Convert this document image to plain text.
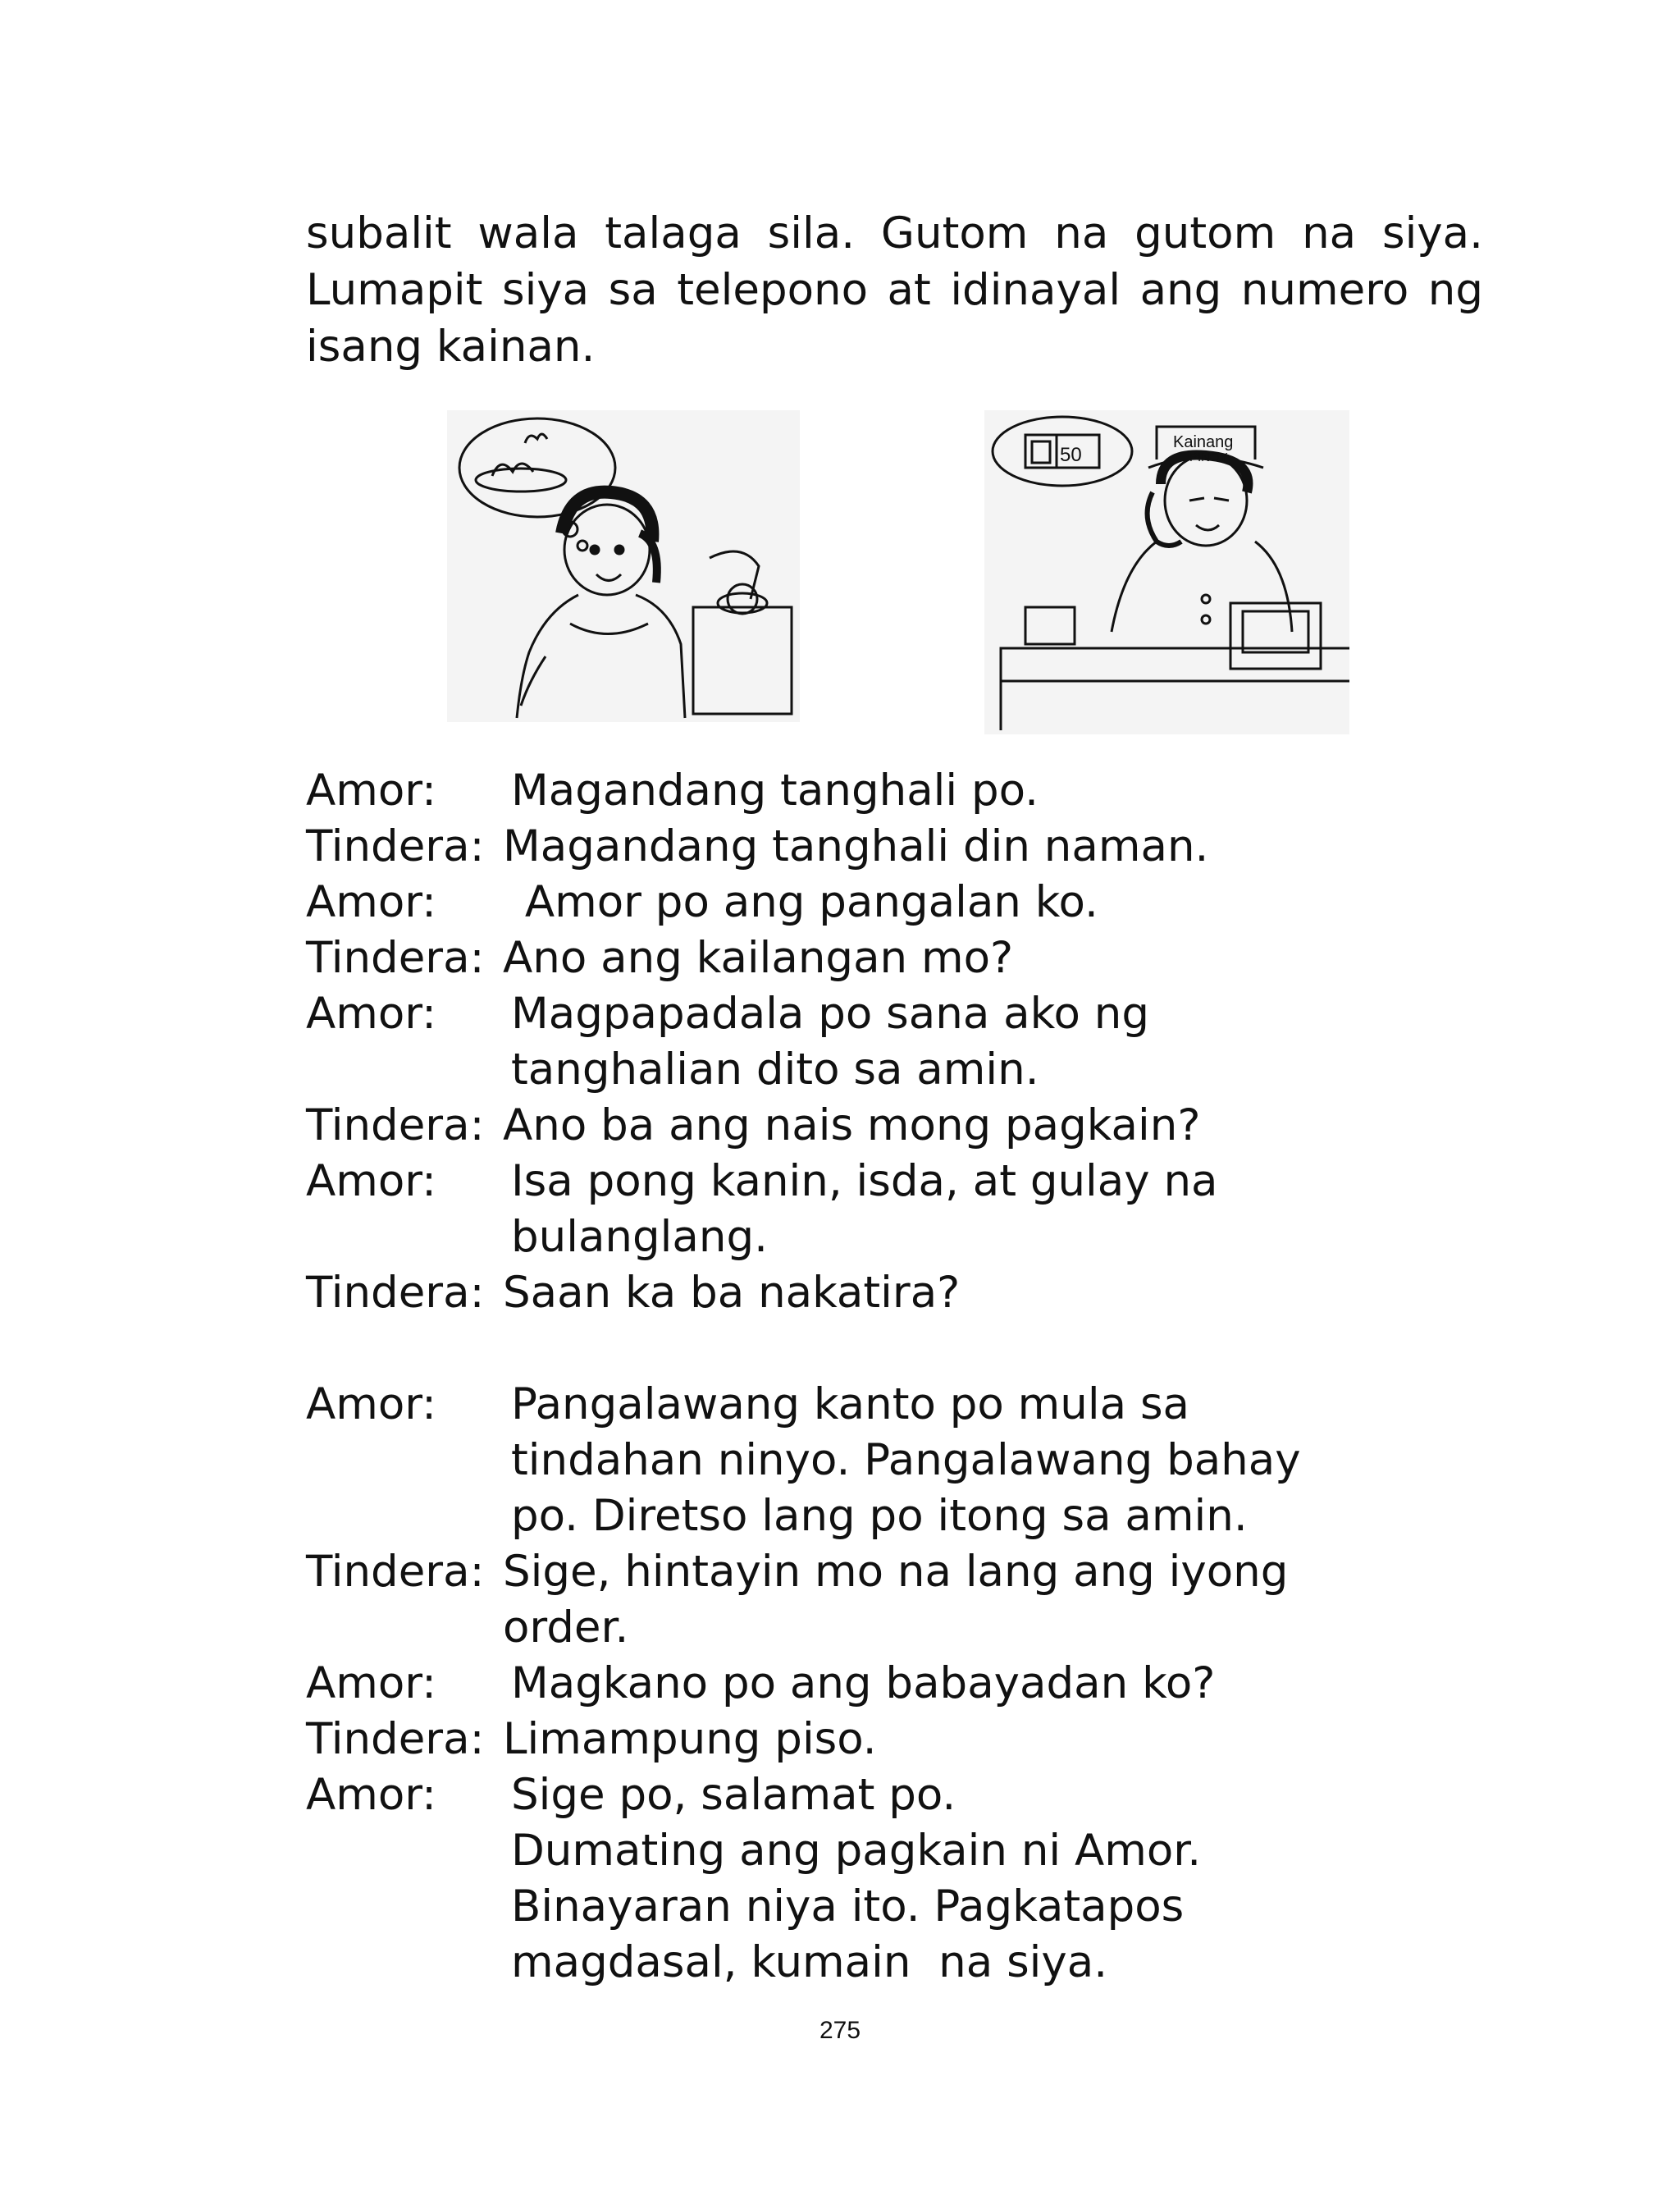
subalit wala talaga sila. Gutom na gutom na siya.
Lumapit siya sa telepono at idinayal ang numero ng
isang kainan.
Kainang
PINOY
50
Amor:	Magandang tanghali po.
Tindera: Magandang tanghali din naman.
Amor:	Amor po ang pangalan ko.
Tindera: Ano ang kailangan mo?
Amor:	Magpapadala po sana ako ng
tanghalian dito sa amin.
Tindera: Ano ba ang nais mong pagkain?
Amor:	Isa pong kanin, isda, at gulay na
bulanglang.
Tindera: Saan ka ba nakatira?
Amor:	Pangalawang kanto po mula sa
tindahan ninyo. Pangalawang bahay
po. Diretso lang po itong sa amin.
Tindera: Sige, hintayin mo na lang ang iyong
order.
Amor:	Magkano po ang babayadan ko?
Tindera: Limampung piso.
Amor:	Sige po, salamat po.
Dumating ang pagkain ni Amor.
Binayaran niya ito. Pagkatapos
magdasal, kumain  na siya.
275
